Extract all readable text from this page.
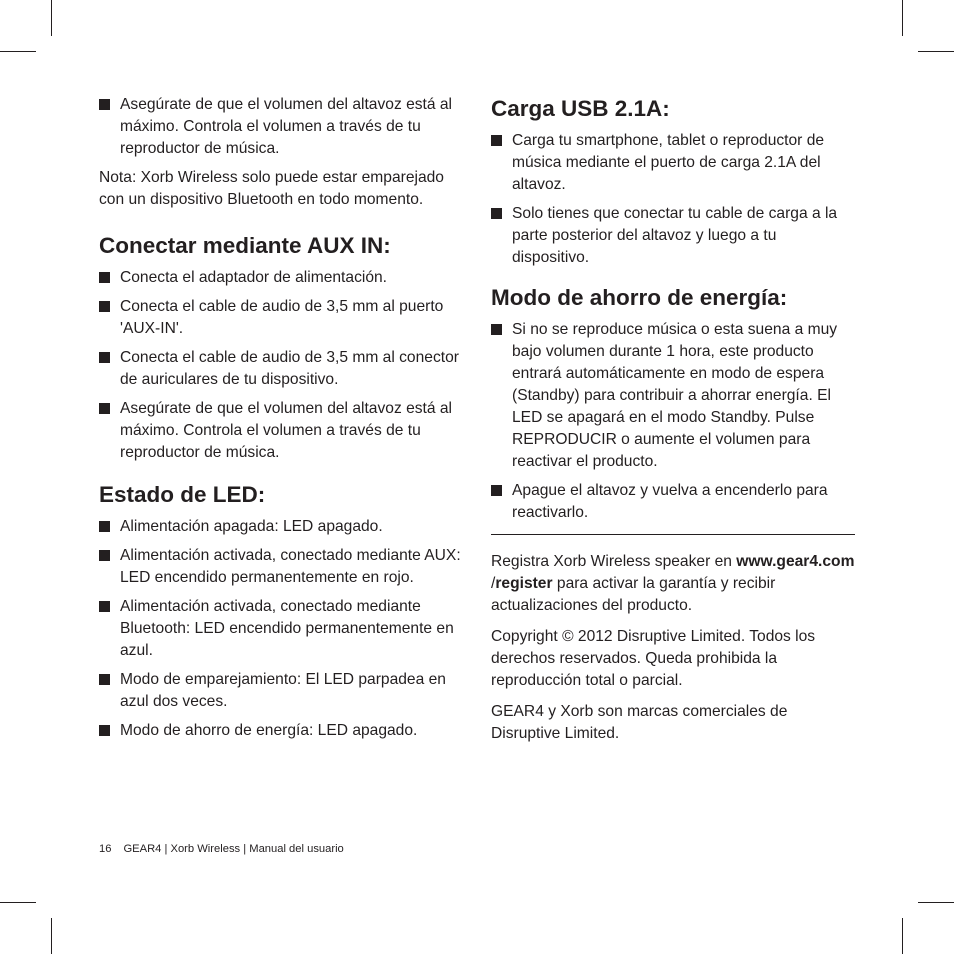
Asegúrate de que el volumen del altavoz está al máximo. Controla el volumen a través de tu reproductor de música.

Nota: Xorb Wireless solo puede estar emparejado con un dispositivo Bluetooth en todo momento.

Conectar mediante AUX IN:
Conecta el adaptador de alimentación.
Conecta el cable de audio de 3,5 mm al puerto 'AUX-IN'.
Conecta el cable de audio de 3,5 mm al conector de auriculares de tu dispositivo.
Asegúrate de que el volumen del altavoz está al máximo. Controla el volumen a través de tu reproductor de música.
Estado de LED:
Alimentación apagada: LED apagado.
Alimentación activada, conectado mediante AUX: LED encendido permanentemente en rojo.
Alimentación activada, conectado mediante Bluetooth: LED encendido permanentemente en azul.
Modo de emparejamiento: El LED parpadea en azul dos veces.
Modo de ahorro de energía: LED apagado.
Carga USB 2.1A:
Carga tu smartphone, tablet o reproductor de música mediante el puerto de carga 2.1A del altavoz.
Solo tienes que conectar tu cable de carga a la parte posterior del altavoz y luego a tu dispositivo.
Modo de ahorro de energía:
Si no se reproduce música o esta suena a muy bajo volumen durante 1 hora, este producto entrará automáticamente en modo de espera (Standby) para contribuir a ahorrar energía. El LED se apagará en el modo Standby. Pulse REPRODUCIR o aumente el volumen para reactivar el producto.
Apague el altavoz y vuelva a encenderlo para reactivarlo.

Registra Xorb Wireless speaker en www.gear4.com /register para activar la garantía y recibir actualizaciones del producto.

Copyright © 2012 Disruptive Limited. Todos los derechos reservados. Queda prohibida la reproducción total o parcial.

GEAR4 y Xorb son marcas comerciales de Disruptive Limited.

16 GEAR4 | Xorb Wireless | Manual del usuario
